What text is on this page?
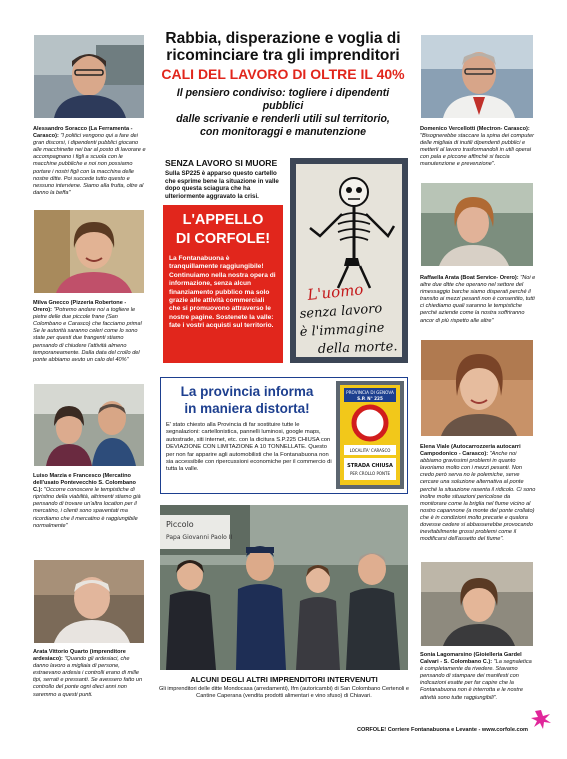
Alessandro Soracco (La Ferramenta - Carasco): "I politici vengono qui a fare dei gran discorsi, i dipendenti pubblici giocano alle macchinette nei bar al posto di lavorare e accompagnano i figli a scuola con le macchine pubbliche e noi non possiamo portare i nostri figli con la macchina delle nostre ditte. Poi succede tutto questo e nessuno interviene. Siamo alla frutta, oltre al danno la beffa"
Milva Gnecco (Pizzeria Robertone - Orero): "Potremo andare noi a togliere le pietre delle due piccole frane (San Colombano e Carasco) che facciamo prima! Se le autorità saranno celeri come lo sono state per questi due frangenti stiamo pensando di chiudere l'attività almeno temporaneamente. Dalla data del crollo del ponte abbiamo avuto un calo del 40%"
Luiso Marzia e Francesco (Mercatino dell'usato Pontevecchio S. Colombano C.): "Occorre conoscere le tempistiche di ripristino della viabilità, altrimenti stiamo già pensando di trovare un'altra location per il mercatino, i clienti sono spaventati ma ricordiamo che il mercatino è raggiungibile normalmente"
Arata Vittorio Quarto (imprenditore ardesiaco): "Quando gli ardesiaci, che danno lavoro a migliaia di persone, estraevano ardesia i controlli erano di mille tipi, serrati e pressanti. Se avessero fatto un controllo del ponte ogni dieci anni non saremmo a questi punti.
Rabbia, disperazione e voglia di
ricominciare tra gli imprenditori
CALI DEL LAVORO DI OLTRE IL 40%
Il pensiero condiviso: togliere i dipendenti pubblici
dalle scrivanie e renderli utili sul territorio,
con monitoraggi e manutenzione
SENZA LAVORO SI MUORE
Sulla SP225 è apparso questo cartello che esprime bene la situazione in valle dopo questa sciagura che ha ulteriormente aggravato la crisi.
L'APPELLO
DI CORFOLE!
La Fontanabuona è tranquillamente raggiungibile! Continuiamo nella nostra opera di informazione, senza alcun finanziamento pubblico ma solo grazie alle attività commerciali che si promuovono attraverso le nostre pagine. Sostenete la valle: fate i vostri acquisti sul territorio.
L'uomo
senza lavoro
è l'immagine
della morte.
La provincia informa
in maniera distorta!
E' stato chiesto alla Provincia di far sostituire tutte le segnalazioni: cartellonistica, pannelli luminosi, google maps, autostrade, siti internet, etc. con la dicitura S.P.225 CHIUSA con DEVIAZIONE CON LIMITAZIONE A 10 TONNELLATE. Questo per non far apparire agli automobilisti che la Fontanabuona non sia accessibile con ripercussioni economiche per il commercio di tutta la valle.
PROVINCIA DI GENOVA
S.P. N° 225
LOCALITA' CARASCO
STRADA CHIUSA
PER CROLLO PONTE
Piccolo
Papa Giovanni Paolo II
ALCUNI DEGLI ALTRI IMPRENDITORI INTERVENUTI
Gli imprenditori delle ditte Mondocasa (arredamenti), Ifm (autoricambi) di San Colombano Certenoli e Cantine Caperana (vendita prodotti alimentari e vino sfuso) di Chiavari.
Domenico Vercellotti (Mectron- Carasco): "Bisognerebbe staccare la spina dei computer delle migliaia di inutili dipendenti pubblici e metterli al lavoro trasformandoli in utili operai con pala e piccone affinché si faccia manutenzione e prevenzione".
Raffaella Arata (Boat Service- Orero): "Noi e altre due ditte che operano nel settore del rimessaggio barche siamo disperati perché il transito ai mezzi pesanti non è consentito, tutti ci chiediamo quali saranno le tempistiche perché aziende come la nostra soffriranno ancor di più rispetto alle altre"
Elena Viale (Autocarrozzeria autocarri Campodonico - Carasco): "Anche noi abbiamo gravissimi problemi in quanto lavoriamo molto con i mezzi pesanti. Non credo però serva no le polemiche, serve cercare una soluzione alternativa al ponte perché la situazione rasenta il ridicolo. Ci sono inoltre molte situazioni pericolose da monitorare come la briglia nel fiume vicino al nostro capannone (a monte del ponte crollato) che è in condizioni molto precarie e qualora dovesse cedere si abbasserebbe provocando inevitabilmente grossi problemi come il modificarsi dell'assetto del fiume".
Sonia Lagomarsino (Gioielleria Gardel Calvari - S. Colombano C.): "La segnaletica è completamente da rivedere. Stavamo pensando di stampare dei manifesti con indicazioni esatte per far capire che la Fontanabuona non è interrotta e le nostre attività sono tutte raggiungibili".
CORFOLE! Corriere Fontanabuona e Levante - www.corfole.com
